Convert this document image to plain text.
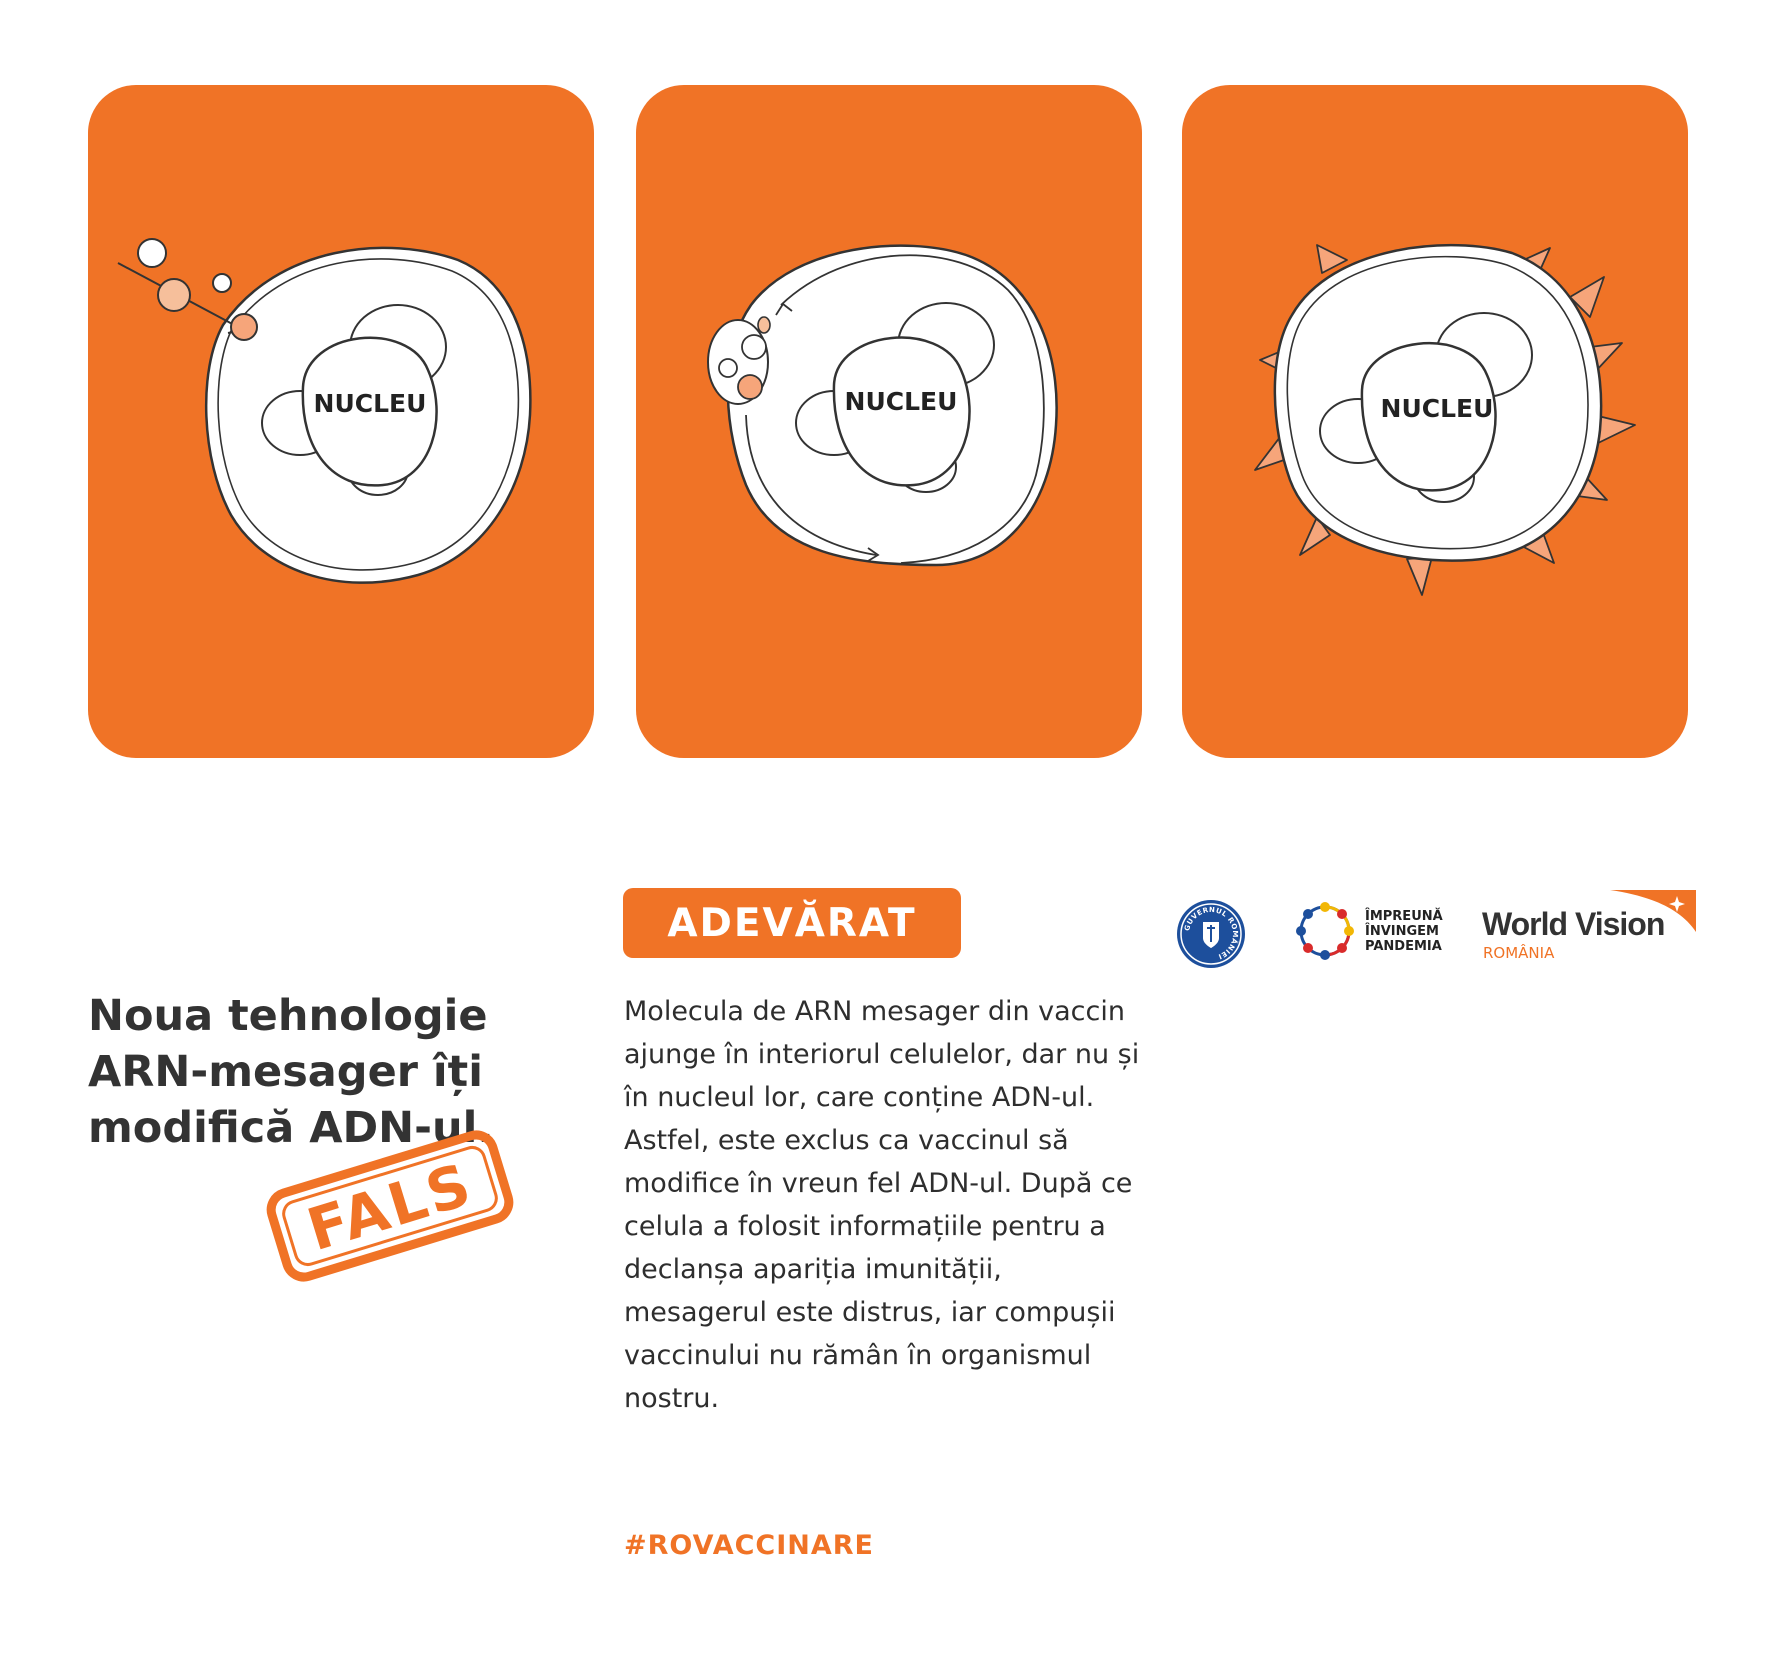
NUCLEU	NUCLEU	NUCLEU
Noua tehnologie
ARN-mesager îți
modifică ADN-ul.
FALS
ADEVĂRAT
Molecula de ARN mesager din vaccin ajunge în interiorul celulelor, dar nu și în nucleul lor, care conține ADN-ul. Astfel, este exclus ca vaccinul să modifice în vreun fel ADN-ul. După ce celula a folosit informațiile pentru a declanșa apariția imunității, mesagerul este distrus, iar compușii vaccinului nu rămân în organismul nostru.
#ROVACCINARE
GUVERNUL ROMÂNIEI
ÎMPREUNĂ
ÎNVINGEM
PANDEMIA
World Vision
ROMÂNIA
